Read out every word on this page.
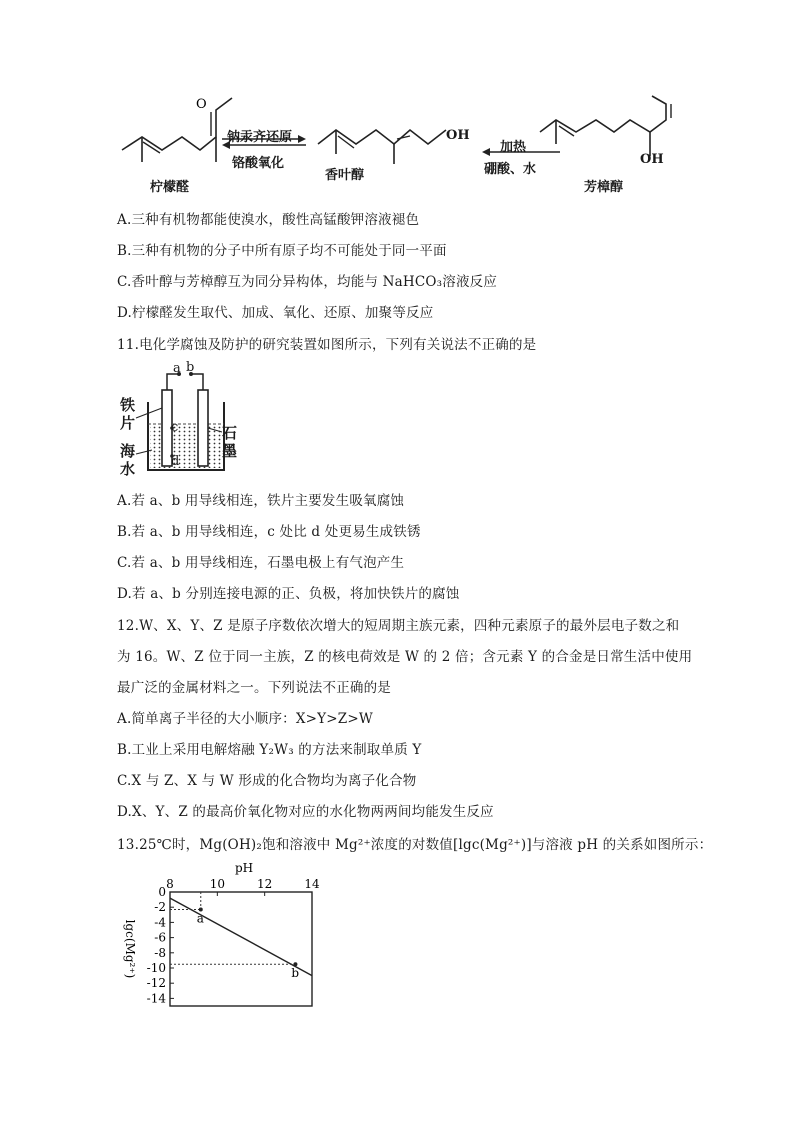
O
钠汞齐还原
铬酸氧化
OH
加热
硼酸、水
OH
柠檬醛
香叶醇
芳樟醇
A.三种有机物都能使溴水，酸性高锰酸钾溶液褪色
B.三种有机物的分子中所有原子均不可能处于同一平面
C.香叶醇与芳樟醇互为同分异构体，均能与 NaHCO₃溶液反应
D.柠檬醛发生取代、加成、氧化、还原、加聚等反应
11.电化学腐蚀及防护的研究装置如图所示，下列有关说法不正确的是
a b
c
d
铁
片
石
墨
海
水
A.若 a、b 用导线相连，铁片主要发生吸氧腐蚀
B.若 a、b 用导线相连，c 处比 d 处更易生成铁锈
C.若 a、b 用导线相连，石墨电极上有气泡产生
D.若 a、b 分别连接电源的正、负极，将加快铁片的腐蚀
12.W、X、Y、Z 是原子序数依次增大的短周期主族元素，四种元素原子的最外层电子数之和
为 16。W、Z 位于同一主族，Z 的核电荷效是 W 的 2 倍；含元素 Y 的合金是日常生活中使用
最广泛的金属材料之一。下列说法不正确的是
A.简单离子半径的大小顺序：X>Y>Z>W
B.工业上采用电解熔融 Y₂W₃ 的方法来制取单质 Y
C.X 与 Z、X 与 W 形成的化合物均为离子化合物
D.X、Y、Z 的最高价氧化物对应的水化物两两间均能发生反应
13.25℃时，Mg(OH)₂饱和溶液中 Mg²⁺浓度的对数值[lgc(Mg²⁺)]与溶液 pH 的关系如图所示：
pH
8	10	12	14
0
-2
-4
-6
-8
-10
-12
-14
lgc(Mg²⁺)
a
b
